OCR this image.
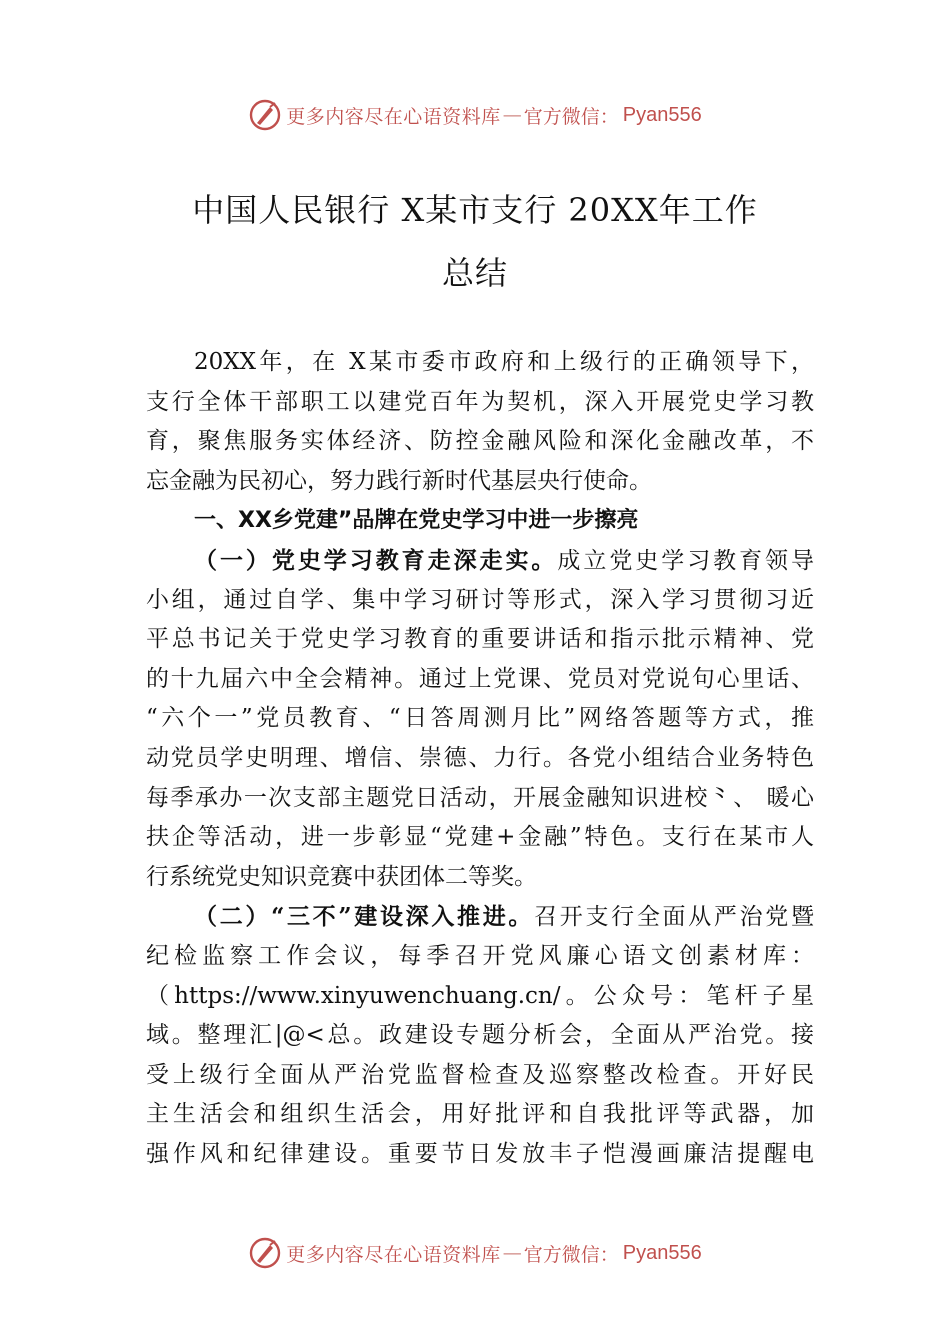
更多内容尽在心语资料库 — 官方微信： Pyan556
中国人民银行 X某市支行 20XX年工作
总结
20XX年，在 X某市委市政府和上级行的正确领导下，
支行全体干部职工以建党百年为契机，深入开展党史学习教
育，聚焦服务实体经济、防控金融风险和深化金融改革，不
忘金融为民初心，努力践行新时代基层央行使命。
一、XX乡党建”品牌在党史学习中进一步擦亮
（一）党史学习教育走深走实。成立党史学习教育领导
小组，通过自学、集中学习研讨等形式，深入学习贯彻习近
平总书记关于党史学习教育的重要讲话和指示批示精神、党
的十九届六中全会精神。通过上党课、党员对党说句心里话、
“六个一”党员教育、“日答周测月比”网络答题等方式，推
动党员学史明理、增信、崇德、力行。各党小组结合业务特色
每季承办一次支部主题党日活动，开展金融知识进校⺀、 暖心
扶企等活动，进一步彰显“党建+金融”特色。支行在某市人
行系统党史知识竞赛中获团体二等奖。
（二）“三不”建设深入推进。召开支行全面从严治党暨
纪检监察工作会议，每季召开党风廉心语文创素材库：
（https://www.xinyuwenchuang.cn/。公众号：笔杆子星
域。整理汇|@<总。政建设专题分析会，全面从严治党。接
受上级行全面从严治党监督检查及巡察整改检查。开好民
主生活会和组织生活会，用好批评和自我批评等武器，加
强作风和纪律建设。重要节日发放丰子恺漫画廉洁提醒电
更多内容尽在心语资料库 — 官方微信： Pyan556
